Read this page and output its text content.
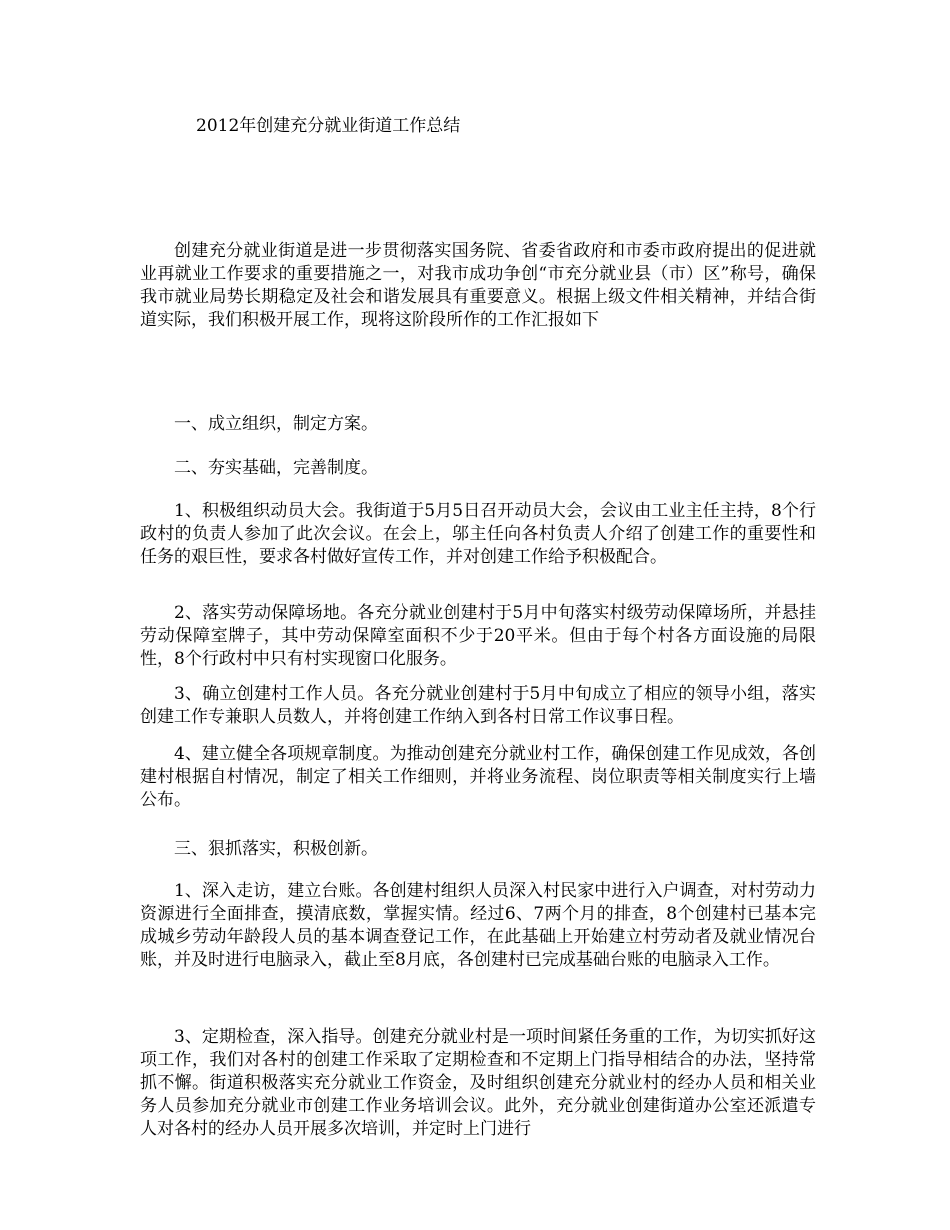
2012年创建充分就业街道工作总结

创建充分就业街道是进一步贯彻落实国务院、省委省政府和市委市政府提出的促进就业再就业工作要求的重要措施之一，对我市成功争创“市充分就业县（市）区”称号，确保我市就业局势长期稳定及社会和谐发展具有重要意义。根据上级文件相关精神，并结合街道实际，我们积极开展工作，现将这阶段所作的工作汇报如下

一、成立组织，制定方案。

二、夯实基础，完善制度。

1、积极组织动员大会。我街道于5月5日召开动员大会，会议由工业主任主持，8个行政村的负责人参加了此次会议。在会上，邬主任向各村负责人介绍了创建工作的重要性和任务的艰巨性，要求各村做好宣传工作，并对创建工作给予积极配合。

2、落实劳动保障场地。各充分就业创建村于5月中旬落实村级劳动保障场所，并悬挂劳动保障室牌子，其中劳动保障室面积不少于20平米。但由于每个村各方面设施的局限性，8个行政村中只有村实现窗口化服务。

3、确立创建村工作人员。各充分就业创建村于5月中旬成立了相应的领导小组，落实创建工作专兼职人员数人，并将创建工作纳入到各村日常工作议事日程。

4、建立健全各项规章制度。为推动创建充分就业村工作，确保创建工作见成效，各创建村根据自村情况，制定了相关工作细则，并将业务流程、岗位职责等相关制度实行上墙公布。

三、狠抓落实，积极创新。

1、深入走访，建立台账。各创建村组织人员深入村民家中进行入户调查，对村劳动力资源进行全面排查，摸清底数，掌握实情。经过6、7两个月的排查，8个创建村已基本完成城乡劳动年龄段人员的基本调查登记工作，在此基础上开始建立村劳动者及就业情况台账，并及时进行电脑录入，截止至8月底，各创建村已完成基础台账的电脑录入工作。

3、定期检查，深入指导。创建充分就业村是一项时间紧任务重的工作，为切实抓好这项工作，我们对各村的创建工作采取了定期检查和不定期上门指导相结合的办法，坚持常抓不懈。街道积极落实充分就业工作资金，及时组织创建充分就业村的经办人员和相关业务人员参加充分就业市创建工作业务培训会议。此外，充分就业创建街道办公室还派遣专人对各村的经办人员开展多次培训，并定时上门进行
